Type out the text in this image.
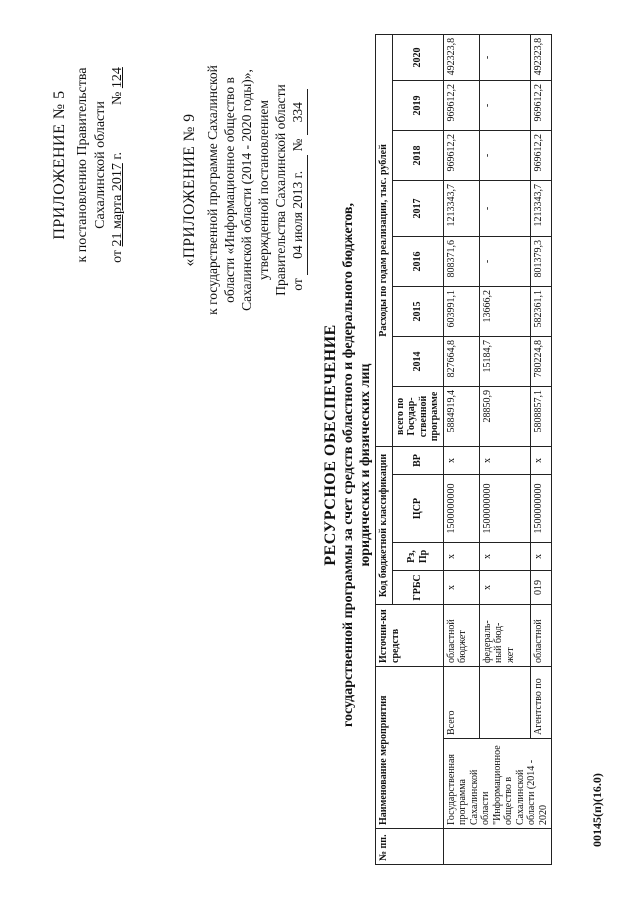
ПРИЛОЖЕНИЕ № 5 к постановлению Правительства Сахалинской области
от 21 марта 2017 г.  № 124
«ПРИЛОЖЕНИЕ № 9 к государственной программе Сахалинской области «Информационное общество в Сахалинской области (2014 - 2020 годы)», утвержденной постановлением Правительства Сахалинской области от 04 июля 2013 г. № 334
РЕСУРСНОЕ ОБЕСПЕЧЕНИЕ государственной программы за счет средств областного и федерального бюджетов, юридических и физических лиц
№ пп.	Наименование мероприятия		Источни-ки средств	Код бюджетной классификации				Расходы по годам реализации, тыс. рублей							
				ГРБС	Рз, Пр	ЦСР	ВР	всего по Государ-ственной программе	2014	2015	2016	2017	2018	2019	2020
	Государственная программа Сахалинской области "Информационное общество в Сахалинской области (2014 - 2020	Всего	областной бюджет	х	х	1500000000	х	5884919,4	827664,8	603991,1	808371,6	1213343,7	969612,2	969612,2	492323,8
			федераль-ный бюд-жет	х	х	1500000000	х	28850,9	15184,7	13666,2	-	-	-	-	-
		Агентство по	областной	019	х	1500000000	х	5808857,1	780224,8	582361,1	801379,3	1213343,7	969612,2	969612,2	492323,8
00145(п)(16.0)
